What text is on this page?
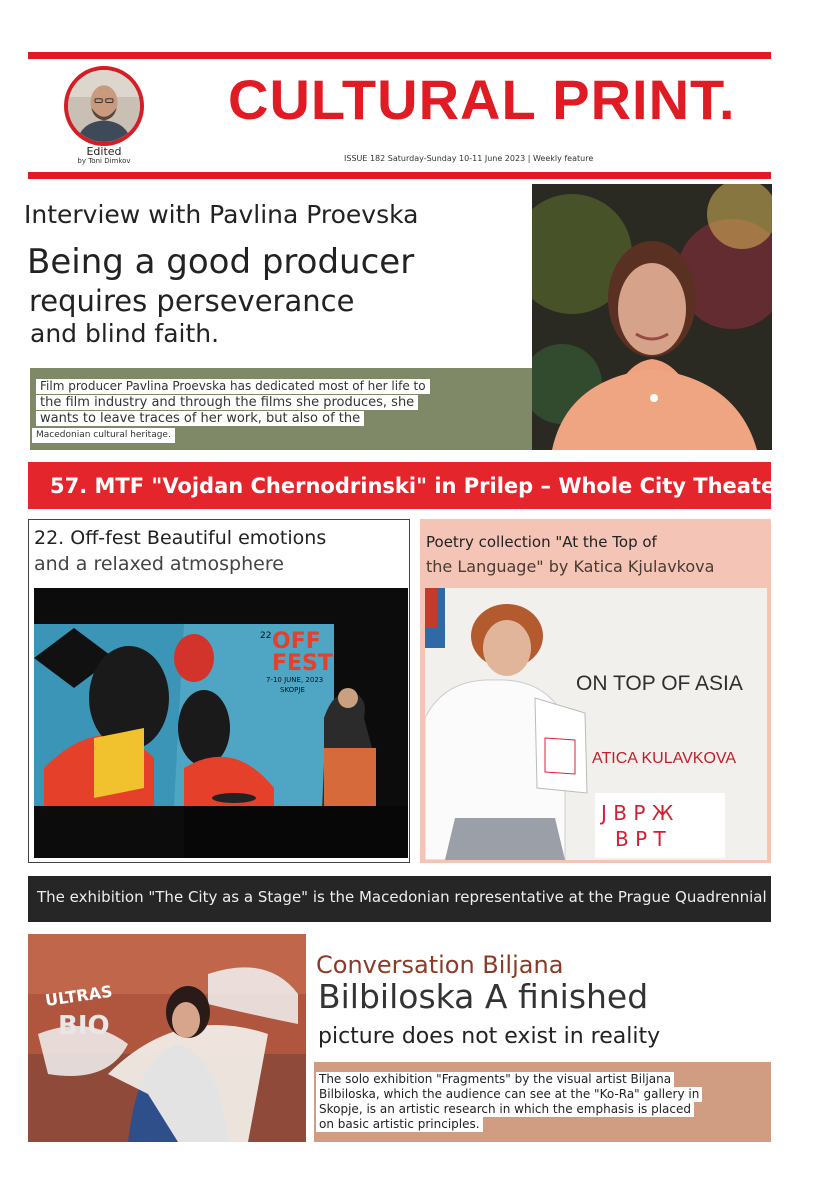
Edited
by Toni Dimkov
CULTURAL PRINT.
ISSUE 182 Saturday-Sunday 10-11 June 2023 | Weekly feature
Interview with Pavlina Proevska
Being a good producer
requires perseverance
and blind faith.
Film producer Pavlina Proevska has dedicated most of her life to
the film industry and through the films she produces, she
wants to leave traces of her work, but also of the
Macedonian cultural heritage.
57. MTF "Vojdan Chernodrinski" in Prilep – Whole City Theater
22. Off-fest Beautiful emotions
and a relaxed atmosphere
22 OFF
FEST
7-10 JUNE, 2023
SKOPJE
Poetry collection "At the Top of
the Language" by Katica Kjulavkova
Ј В Р Ж
В Р Т
ON TOP OF ASIA
ATICA KULAVKOVA
The exhibition "The City as a Stage" is the Macedonian representative at the Prague Quadrennial
ULTRAS
BIO
Conversation Biljana
Bilbiloska A finished
picture does not exist in reality
The solo exhibition "Fragments" by the visual artist Biljana
Bilbiloska, which the audience can see at the "Ko-Ra" gallery in
Skopje, is an artistic research in which the emphasis is placed
on basic artistic principles.
